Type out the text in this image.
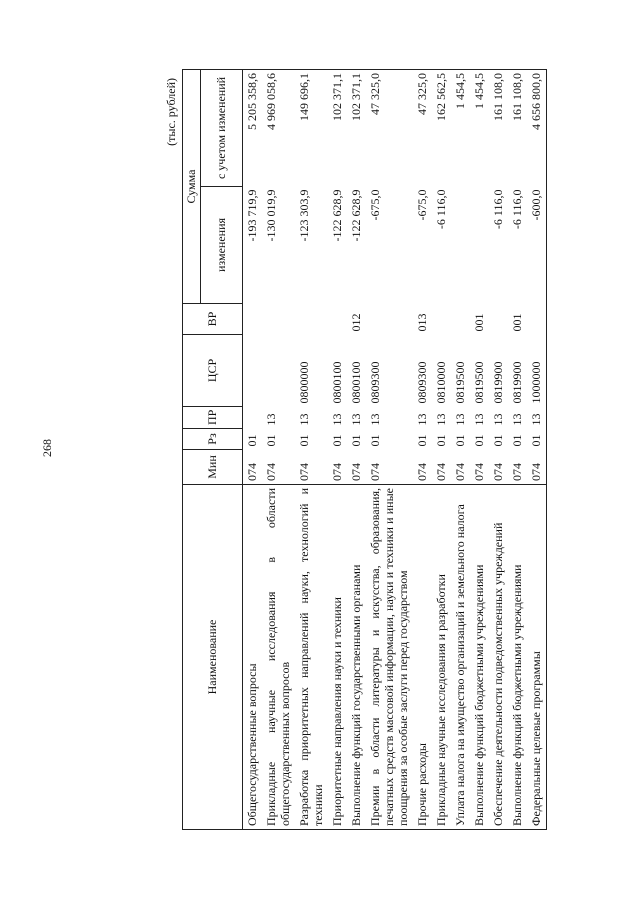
268
(тыс. рублей)
Наименование	Мин	Рз	ПР	ЦСР	ВР	Сумма	
						изменения	с учетом изменений
Общегосударственные вопросы	074	01				-193 719,9	5 205 358,6
Прикладные научные исследования в области общегосударственных вопросов	074	01	13			-130 019,9	4 969 058,6
Разработка приоритетных направлений науки, технологий и техники	074	01	13	0800000		-123 303,9	149 696,1
Приоритетные направления науки и техники	074	01	13	0800100		-122 628,9	102 371,1
Выполнение функций государственными органами	074	01	13	0800100	012	-122 628,9	102 371,1
Премии в области литературы и искусства, образования, печатных средств массовой информации, науки и техники и иные поощрения за особые заслуги перед государством	074	01	13	0809300		-675,0	47 325,0
Прочие расходы	074	01	13	0809300	013	-675,0	47 325,0
Прикладные научные исследования и разработки	074	01	13	0810000		-6 116,0	162 562,5
Уплата налога на имущество организаций и земельного налога	074	01	13	0819500			1 454,5
Выполнение функций бюджетными учреждениями	074	01	13	0819500	001		1 454,5
Обеспечение деятельности подведомственных учреждений	074	01	13	0819900		-6 116,0	161 108,0
Выполнение функций бюджетными учреждениями	074	01	13	0819900	001	-6 116,0	161 108,0
Федеральные целевые программы	074	01	13	1000000		-600,0	4 656 800,0
